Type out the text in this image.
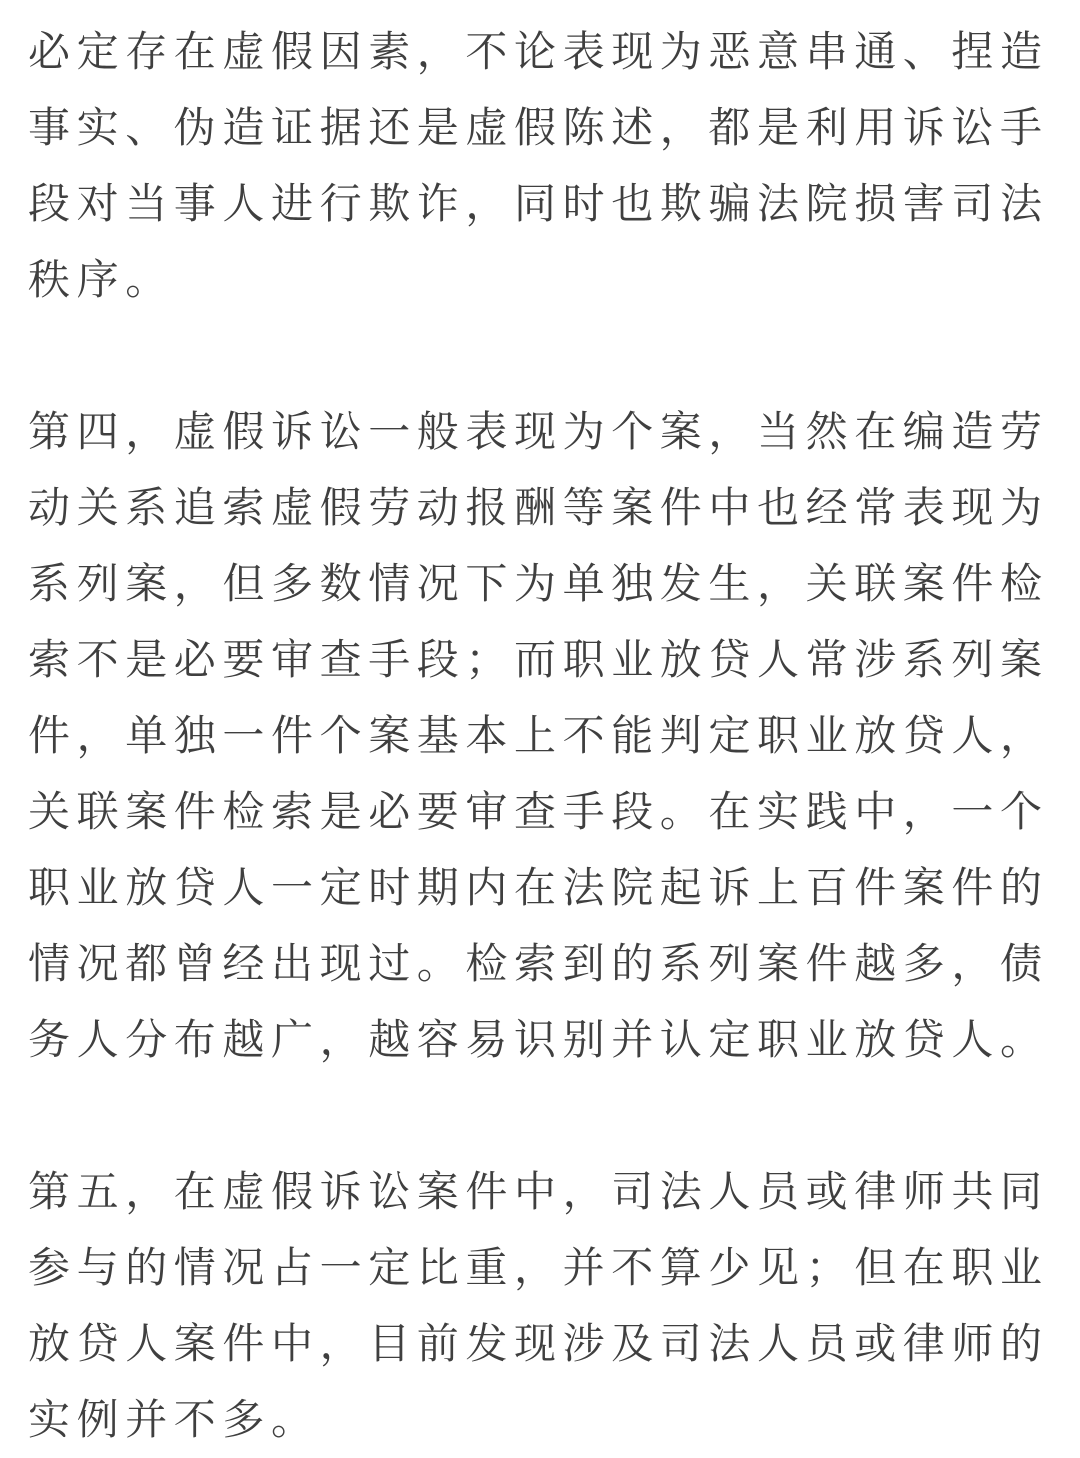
必定存在虚假因素，不论表现为恶意串通、捏造
事实、伪造证据还是虚假陈述，都是利用诉讼手
段对当事人进行欺诈，同时也欺骗法院损害司法
秩序。

第四，虚假诉讼一般表现为个案，当然在编造劳
动关系追索虚假劳动报酬等案件中也经常表现为
系列案，但多数情况下为单独发生，关联案件检
索不是必要审查手段；而职业放贷人常涉系列案
件，单独一件个案基本上不能判定职业放贷人，
关联案件检索是必要审查手段。在实践中，一个
职业放贷人一定时期内在法院起诉上百件案件的
情况都曾经出现过。检索到的系列案件越多，债
务人分布越广，越容易识别并认定职业放贷人。

第五，在虚假诉讼案件中，司法人员或律师共同
参与的情况占一定比重，并不算少见；但在职业
放贷人案件中，目前发现涉及司法人员或律师的
实例并不多。
